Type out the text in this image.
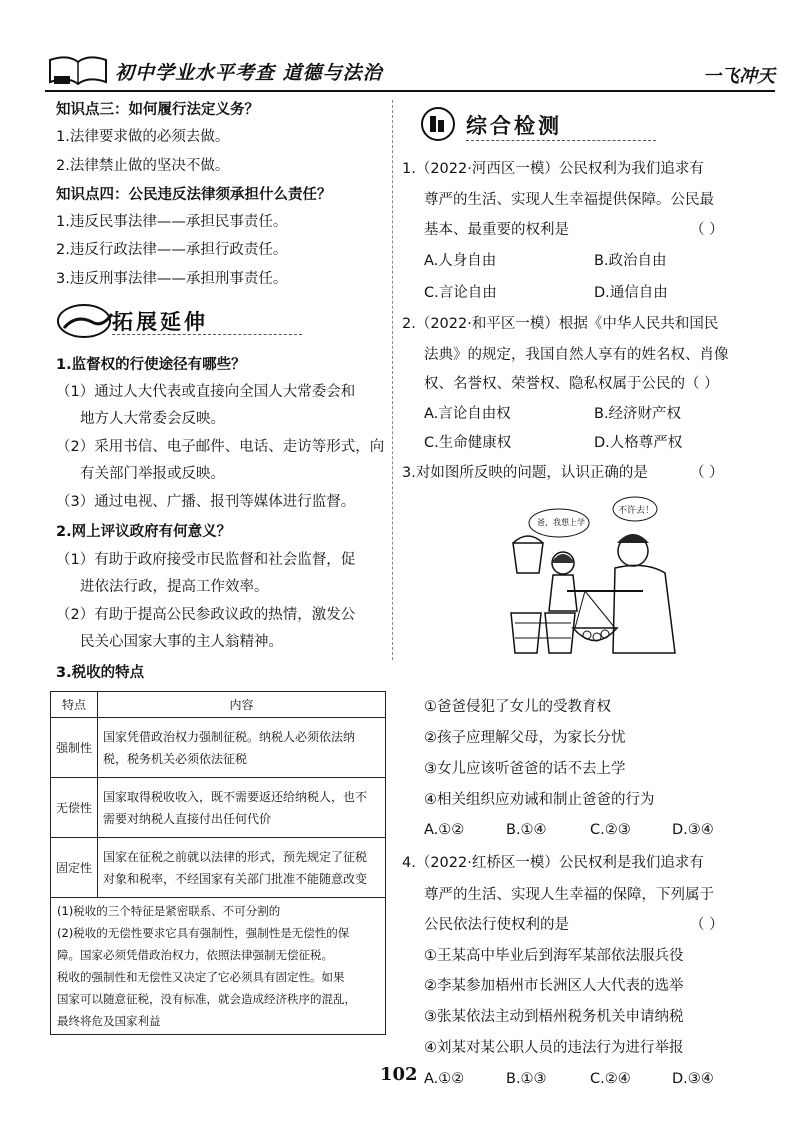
初中学业水平考查 道德与法治	一飞冲天
知识点三：如何履行法定义务？
1.法律要求做的必须去做。
2.法律禁止做的坚决不做。
知识点四：公民违反法律须承担什么责任？
1.违反民事法律——承担民事责任。
2.违反行政法律——承担行政责任。
3.违反刑事法律——承担刑事责任。
拓展延伸
1.监督权的行使途径有哪些？
（1）通过人大代表或直接向全国人大常委会和
地方人大常委会反映。
（2）采用书信、电子邮件、电话、走访等形式，向
有关部门举报或反映。
（3）通过电视、广播、报刊等媒体进行监督。
2.网上评议政府有何意义？
（1）有助于政府接受市民监督和社会监督，促
进依法行政，提高工作效率。
（2）有助于提高公民参政议政的热情，激发公
民关心国家大事的主人翁精神。
3.税收的特点
特点	内容
强制性	国家凭借政治权力强制征税。纳税人必须依法纳
税，税务机关必须依法征税

无偿性	国家取得税收收入，既不需要返还给纳税人，也不
需要对纳税人直接付出任何代价

固定性	国家在征税之前就以法律的形式，预先规定了征税
对象和税率，不经国家有关部门批准不能随意改变
(1)税收的三个特征是紧密联系、不可分割的
(2)税收的无偿性要求它具有强制性，强制性是无偿性的保
障。国家必须凭借政治权力，依照法律强制无偿征税。
税收的强制性和无偿性又决定了它必须具有固定性。如果
国家可以随意征税，没有标准，就会造成经济秩序的混乱，
最终将危及国家利益
综合检测
1.（2022·河西区一模）公民权利为我们追求有
尊严的生活、实现人生幸福提供保障。公民最
基本、最重要的权利是	（ ）
A.人身自由	B.政治自由
C.言论自由	D.通信自由
2.（2022·和平区一模）根据《中华人民共和国民
法典》的规定，我国自然人享有的姓名权、肖像
权、名誉权、荣誉权、隐私权属于公民的（ ）
A.言论自由权	B.经济财产权
C.生命健康权	D.人格尊严权
3.对如图所反映的问题，认识正确的是	（ ）
爸，我想上学
不许去！
①爸爸侵犯了女儿的受教育权
②孩子应理解父母，为家长分忧
③女儿应该听爸爸的话不去上学
④相关组织应劝诫和制止爸爸的行为
A.①②	B.①④	C.②③	D.③④
4.（2022·红桥区一模）公民权利是我们追求有
尊严的生活、实现人生幸福的保障，下列属于
公民依法行使权利的是	（ ）
①王某高中毕业后到海军某部依法服兵役
②李某参加梧州市长洲区人大代表的选举
③张某依法主动到梧州税务机关申请纳税
④刘某对某公职人员的违法行为进行举报
A.①②	B.①③	C.②④	D.③④
102
